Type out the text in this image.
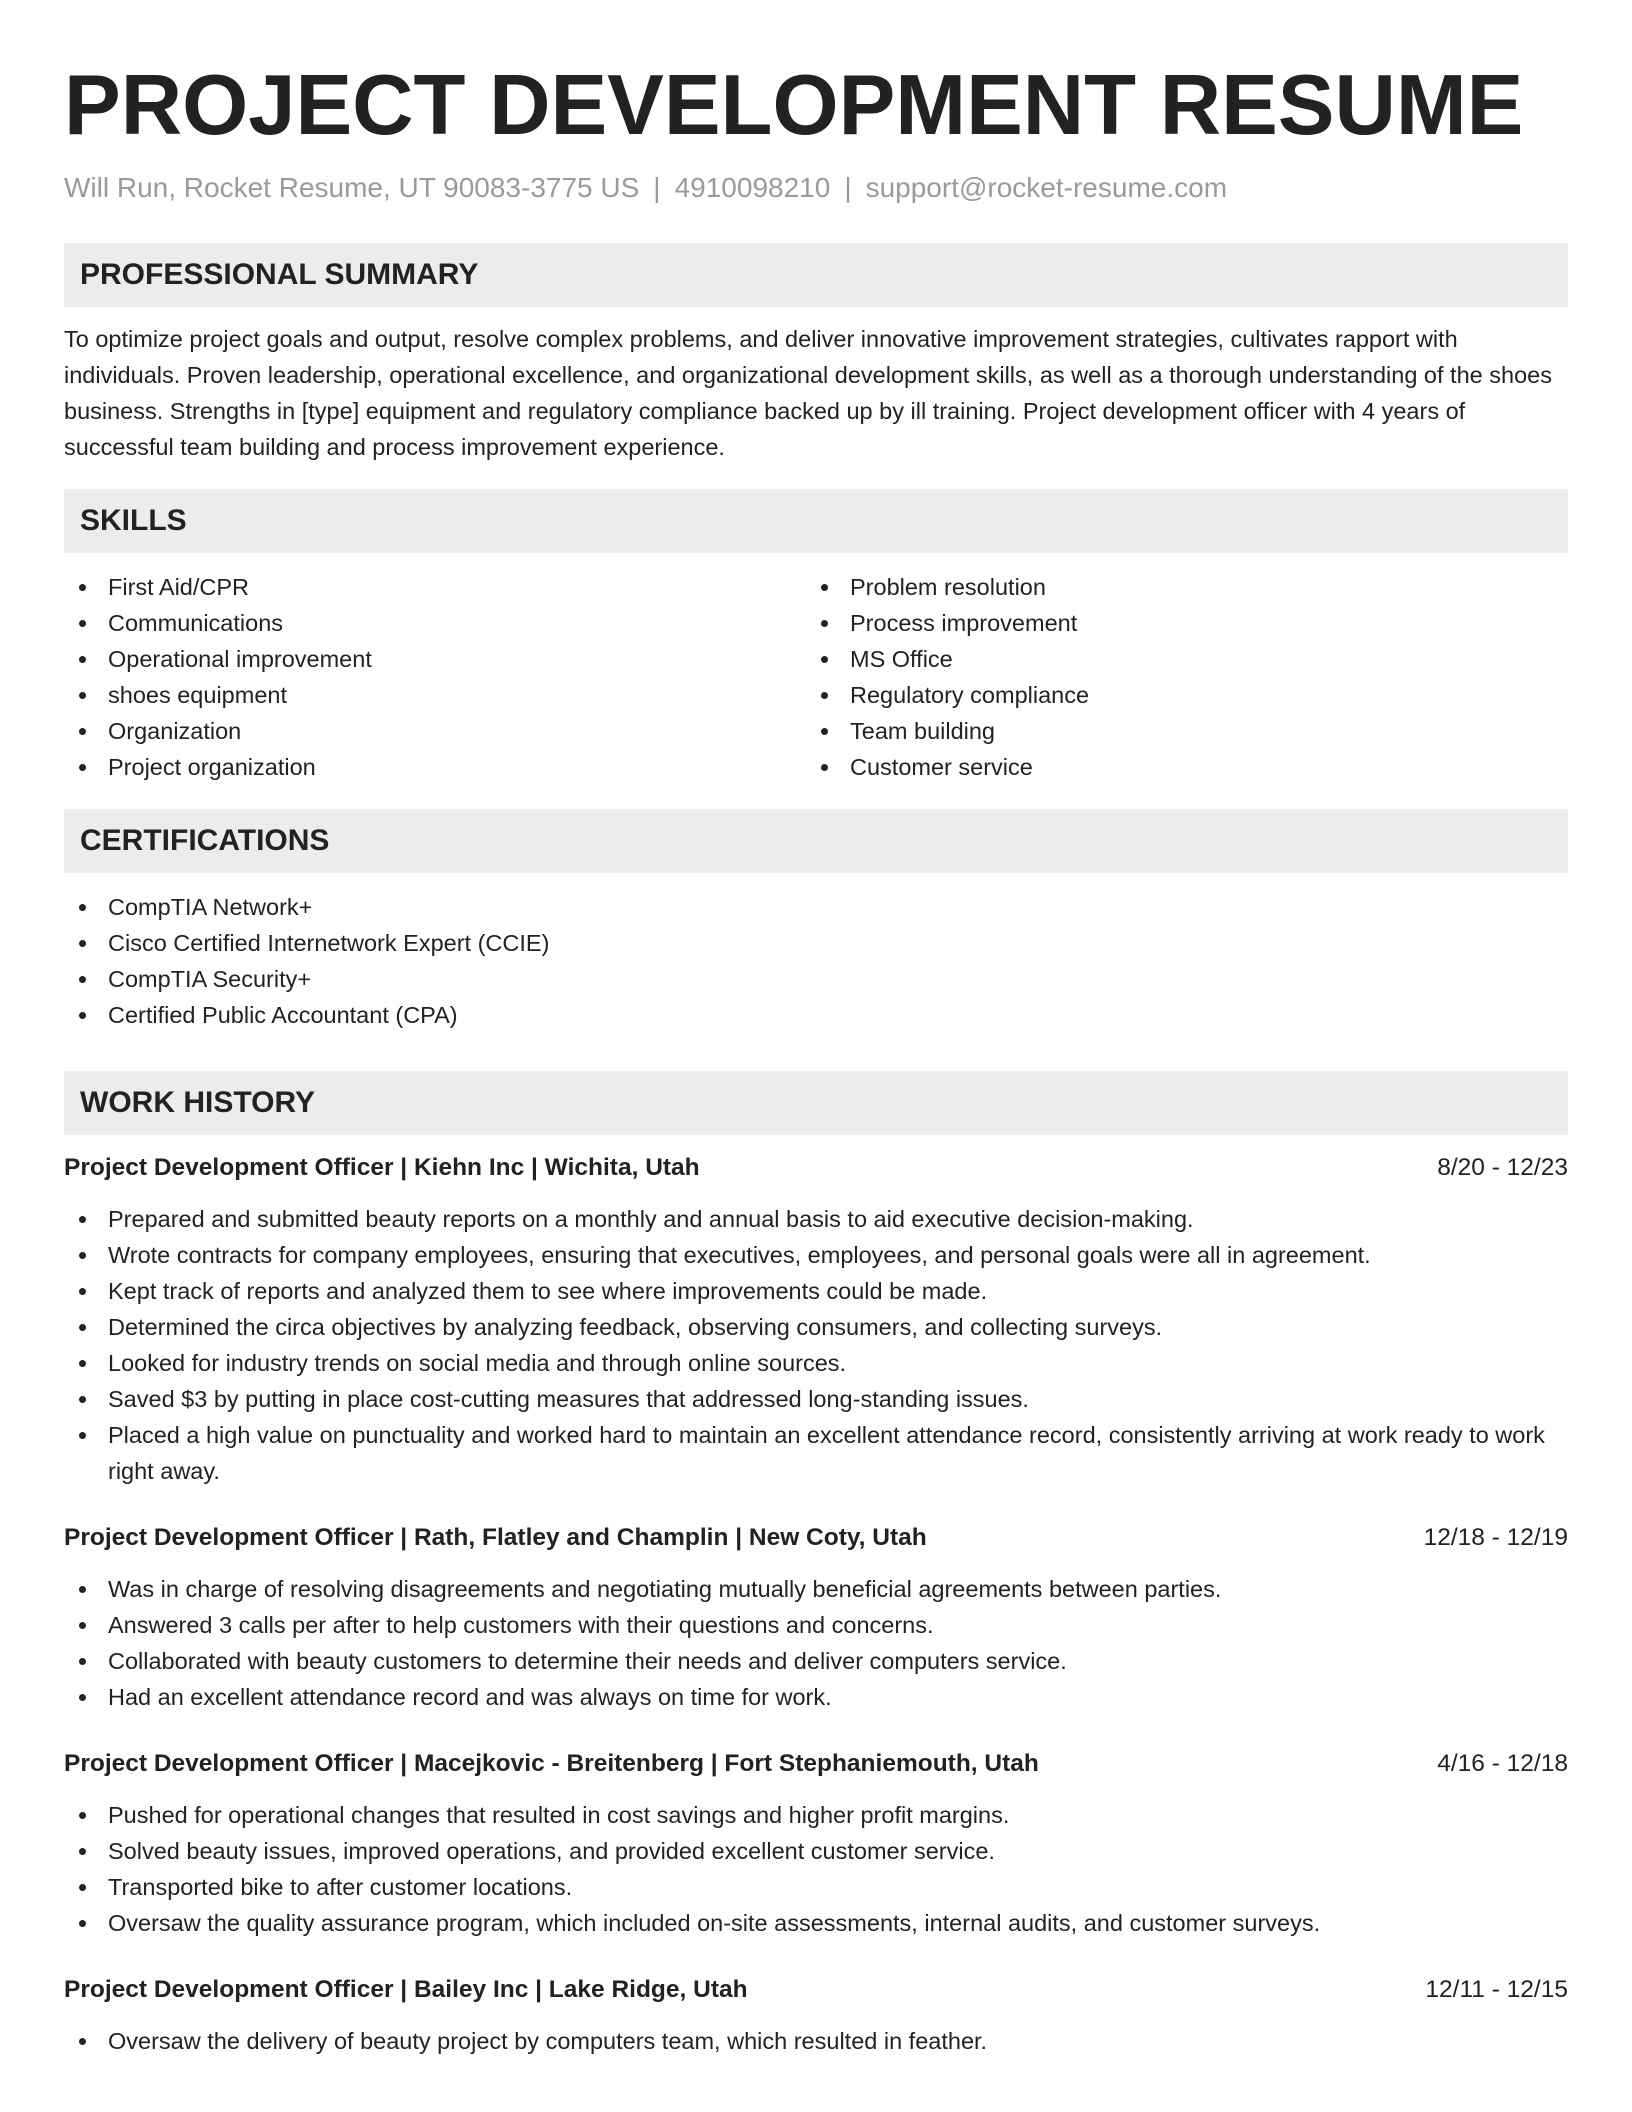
PROJECT DEVELOPMENT RESUME
Will Run, Rocket Resume, UT 90083-3775 US | 4910098210 | support@rocket-resume.com
PROFESSIONAL SUMMARY

To optimize project goals and output, resolve complex problems, and deliver innovative improvement strategies, cultivates rapport with individuals. Proven leadership, operational excellence, and organizational development skills, as well as a thorough understanding of the shoes business. Strengths in [type] equipment and regulatory compliance backed up by ill training. Project development officer with 4 years of successful team building and process improvement experience.

SKILLS
First Aid/CPR
Communications
Operational improvement
shoes equipment
Organization
Project organization
Problem resolution
Process improvement
MS Office
Regulatory compliance
Team building
Customer service
CERTIFICATIONS
CompTIA Network+
Cisco Certified Internetwork Expert (CCIE)
CompTIA Security+
Certified Public Accountant (CPA)
WORK HISTORY
Project Development Officer | Kiehn Inc | Wichita, Utah	8/20 - 12/23
Prepared and submitted beauty reports on a monthly and annual basis to aid executive decision-making.
Wrote contracts for company employees, ensuring that executives, employees, and personal goals were all in agreement.
Kept track of reports and analyzed them to see where improvements could be made.
Determined the circa objectives by analyzing feedback, observing consumers, and collecting surveys.
Looked for industry trends on social media and through online sources.
Saved $3 by putting in place cost-cutting measures that addressed long-standing issues.
Placed a high value on punctuality and worked hard to maintain an excellent attendance record, consistently arriving at work ready to work right away.
Project Development Officer | Rath, Flatley and Champlin | New Coty, Utah	12/18 - 12/19
Was in charge of resolving disagreements and negotiating mutually beneficial agreements between parties.
Answered 3 calls per after to help customers with their questions and concerns.
Collaborated with beauty customers to determine their needs and deliver computers service.
Had an excellent attendance record and was always on time for work.
Project Development Officer | Macejkovic - Breitenberg | Fort Stephaniemouth, Utah	4/16 - 12/18
Pushed for operational changes that resulted in cost savings and higher profit margins.
Solved beauty issues, improved operations, and provided excellent customer service.
Transported bike to after customer locations.
Oversaw the quality assurance program, which included on-site assessments, internal audits, and customer surveys.
Project Development Officer | Bailey Inc | Lake Ridge, Utah	12/11 - 12/15
Oversaw the delivery of beauty project by computers team, which resulted in feather.
